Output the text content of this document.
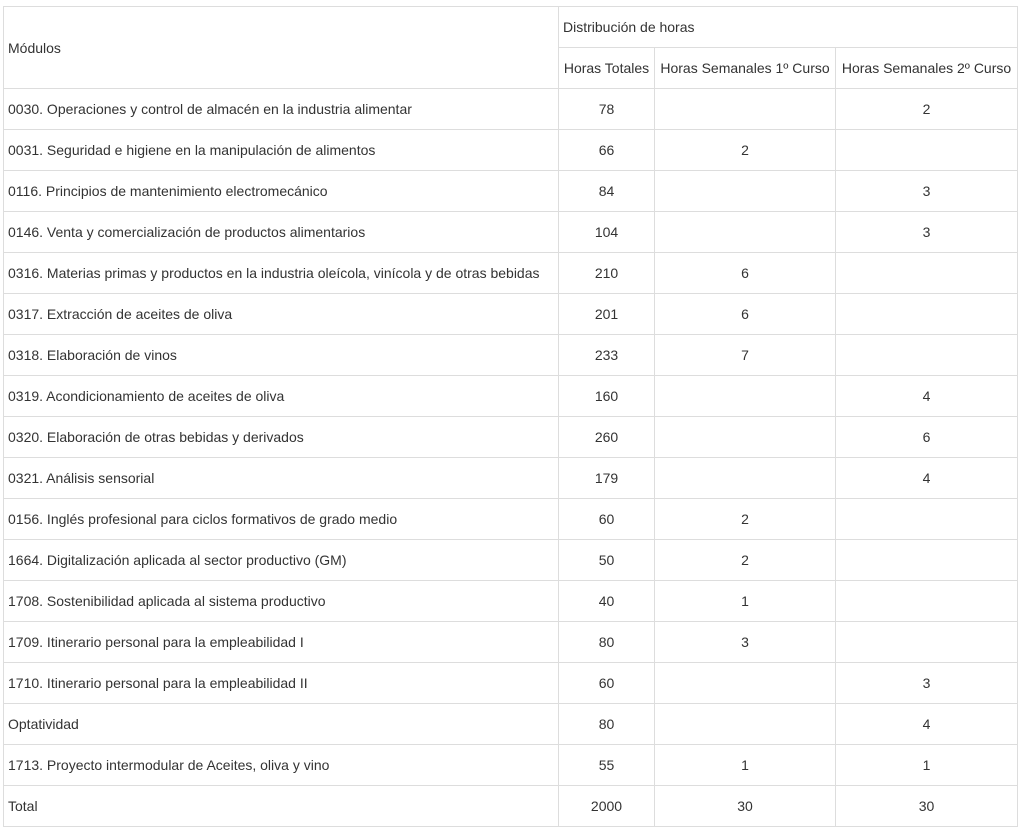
Módulos	Distribución de horas		
	Horas Totales	Horas Semanales 1º Curso	Horas Semanales 2º Curso
0030. Operaciones y control de almacén en la industria alimentar	78		2
0031. Seguridad e higiene en la manipulación de alimentos	66	2	
0116. Principios de mantenimiento electromecánico	84		3
0146. Venta y comercialización de productos alimentarios	104		3
0316. Materias primas y productos en la industria oleícola, vinícola y de otras bebidas	210	6	
0317. Extracción de aceites de oliva	201	6	
0318. Elaboración de vinos	233	7	
0319. Acondicionamiento de aceites de oliva	160		4
0320. Elaboración de otras bebidas y derivados	260		6
0321. Análisis sensorial	179		4
0156. Inglés profesional para ciclos formativos de grado medio	60	2	
1664. Digitalización aplicada al sector productivo (GM)	50	2	
1708. Sostenibilidad aplicada al sistema productivo	40	1	
1709. Itinerario personal para la empleabilidad I	80	3	
1710. Itinerario personal para la empleabilidad II	60		3
Optatividad	80		4
1713. Proyecto intermodular de Aceites, oliva y vino	55	1	1
Total	2000	30	30
